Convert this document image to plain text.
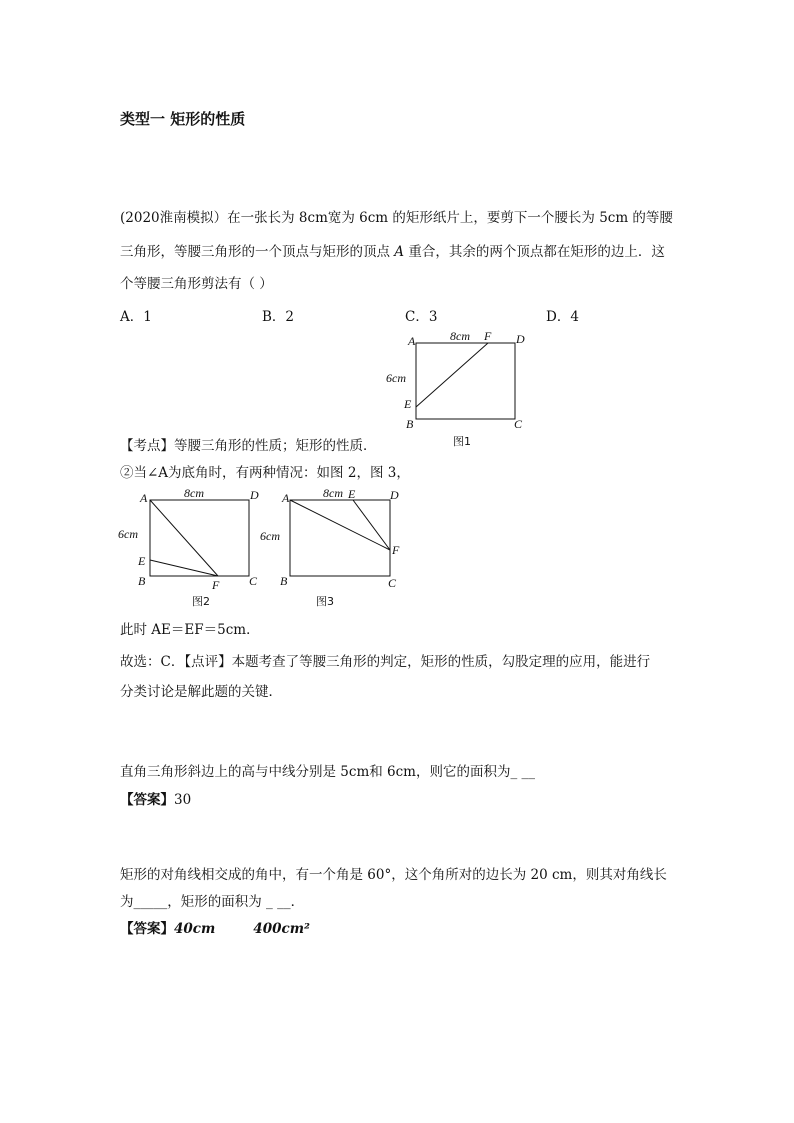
类型一 矩形的性质
(2020淮南模拟）在一张长为 8cm宽为 6cm 的矩形纸片上，要剪下一个腰长为 5cm 的等腰
三角形，等腰三角形的一个顶点与矩形的顶点 A 重合，其余的两个顶点都在矩形的边上．这
个等腰三角形剪法有（ ）
A．1	B．2	C．3	D．4
A	8cm F D
6cm
E
B	C
图1
【考点】等腰三角形的性质；矩形的性质．
②当∠A为底角时，有两种情况：如图 2，图 3，
A	8cm	D
6cm
E
B	F C
图2
A	8cm E	D
6cm
F
B	C
图3
此时 AE＝EF＝5cm．
故选：C．【点评】本题考查了等腰三角形的判定，矩形的性质，勾股定理的应用，能进行
分类讨论是解此题的关键．
直角三角形斜边上的高与中线分别是 5cm和 6cm，则它的面积为_ __
【答案】30
矩形的对角线相交成的角中，有一个角是 60°，这个角所对的边长为 20 cm，则其对角线长
为_____，矩形的面积为 _ __．
【答案】40cm	400cm²
